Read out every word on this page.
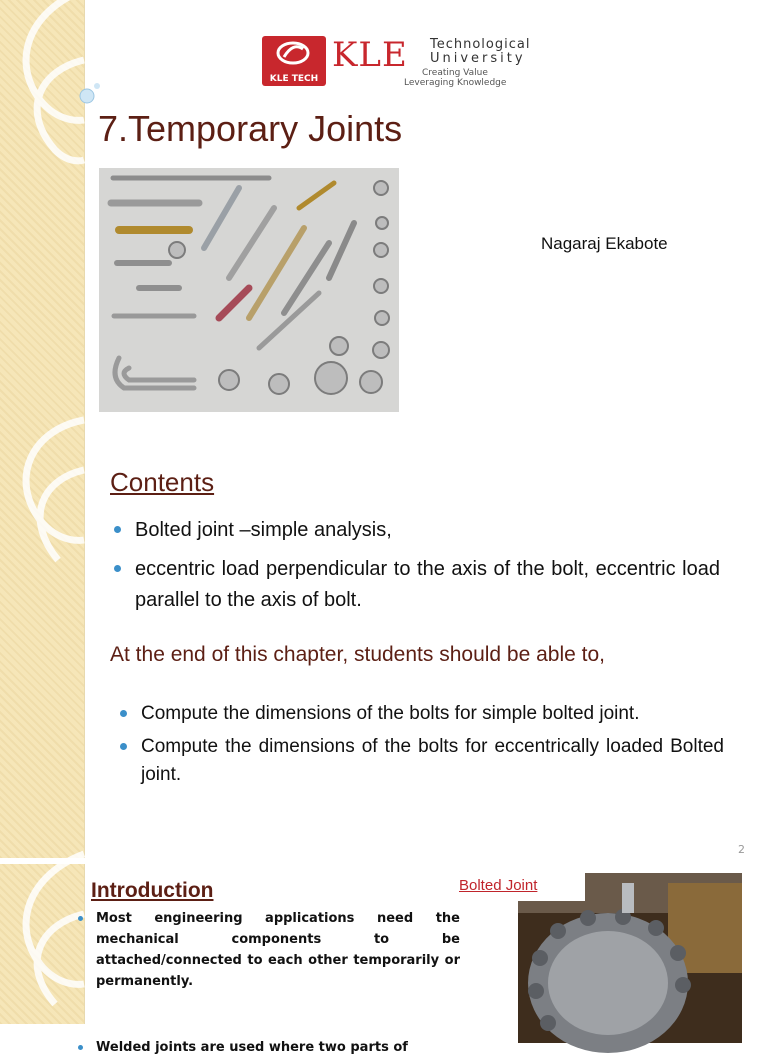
KLE TECH
KLE Technological
University
Creating Value
Leveraging Knowledge
7.Temporary Joints
Nagaraj Ekabote
Contents
Bolted joint –simple analysis,
eccentric load perpendicular to the axis of the bolt, eccentric load parallel to the axis of bolt.
At the end of this chapter, students should be able to,
Compute the dimensions of the bolts for simple bolted joint.
Compute the dimensions of the bolts for eccentrically loaded Bolted joint.
2
Introduction	Bolted Joint
Most engineering applications need the mechanical components to be attached/connected to each other temporarily or permanently.
Welded joints are used where two parts of
